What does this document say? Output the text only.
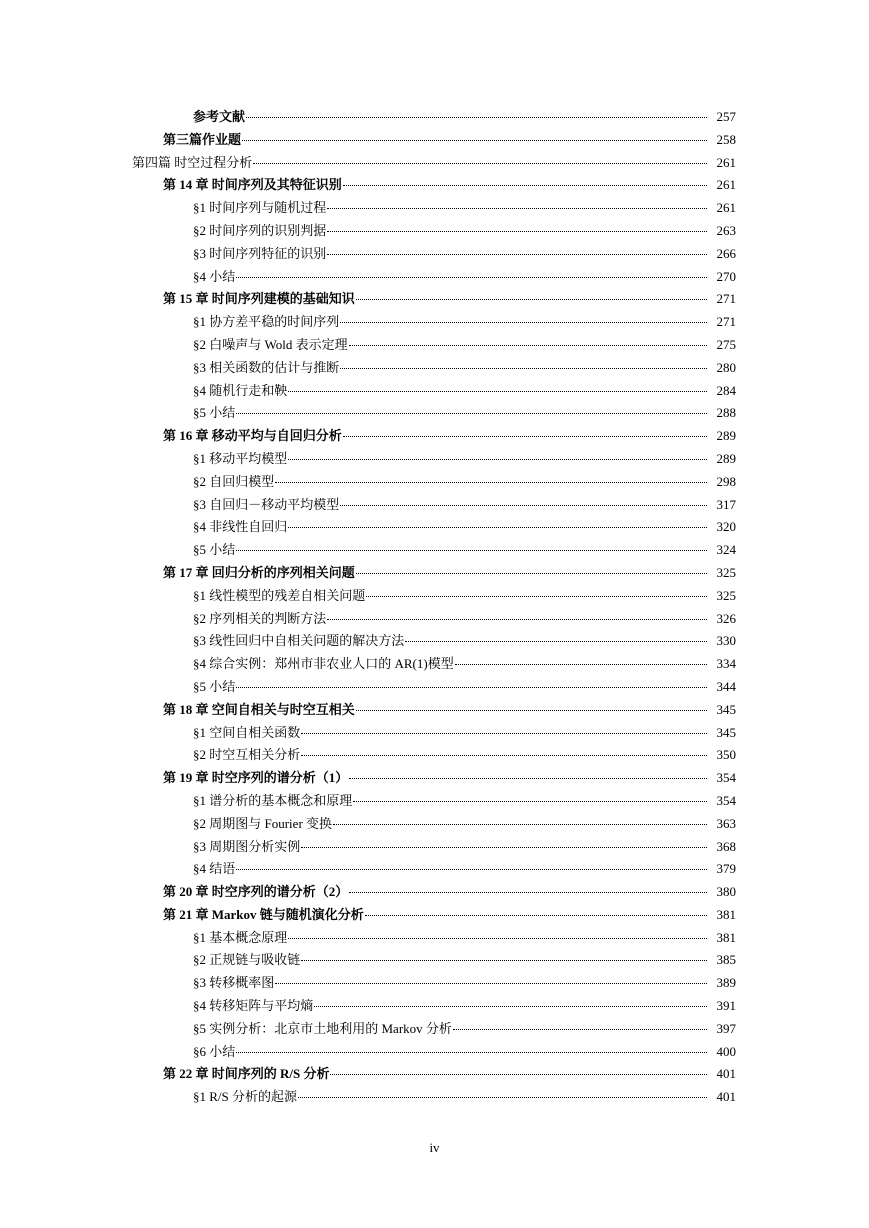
参考文献	257
第三篇作业题	258
第四篇 时空过程分析	261
第 14 章 时间序列及其特征识别	261
§1 时间序列与随机过程	261
§2 时间序列的识别判据	263
§3 时间序列特征的识别	266
§4 小结	270
第 15 章 时间序列建模的基础知识	271
§1 协方差平稳的时间序列	271
§2 白噪声与 Wold 表示定理	275
§3 相关函数的估计与推断	280
§4 随机行走和鞅	284
§5 小结	288
第 16 章 移动平均与自回归分析	289
§1 移动平均模型	289
§2 自回归模型	298
§3 自回归－移动平均模型	317
§4 非线性自回归	320
§5 小结	324
第 17 章 回归分析的序列相关问题	325
§1 线性模型的残差自相关问题	325
§2 序列相关的判断方法	326
§3 线性回归中自相关问题的解决方法	330
§4 综合实例：郑州市非农业人口的 AR(1)模型	334
§5 小结	344
第 18 章 空间自相关与时空互相关	345
§1 空间自相关函数	345
§2 时空互相关分析	350
第 19 章 时空序列的谱分析（1）	354
§1 谱分析的基本概念和原理	354
§2 周期图与 Fourier 变换	363
§3 周期图分析实例	368
§4 结语	379
第 20 章 时空序列的谱分析（2）	380
第 21 章 Markov 链与随机演化分析	381
§1 基本概念原理	381
§2 正规链与吸收链	385
§3 转移概率图	389
§4 转移矩阵与平均熵	391
§5 实例分析：北京市土地利用的 Markov 分析	397
§6 小结	400
第 22 章 时间序列的 R/S 分析	401
§1 R/S 分析的起源	401
iv
